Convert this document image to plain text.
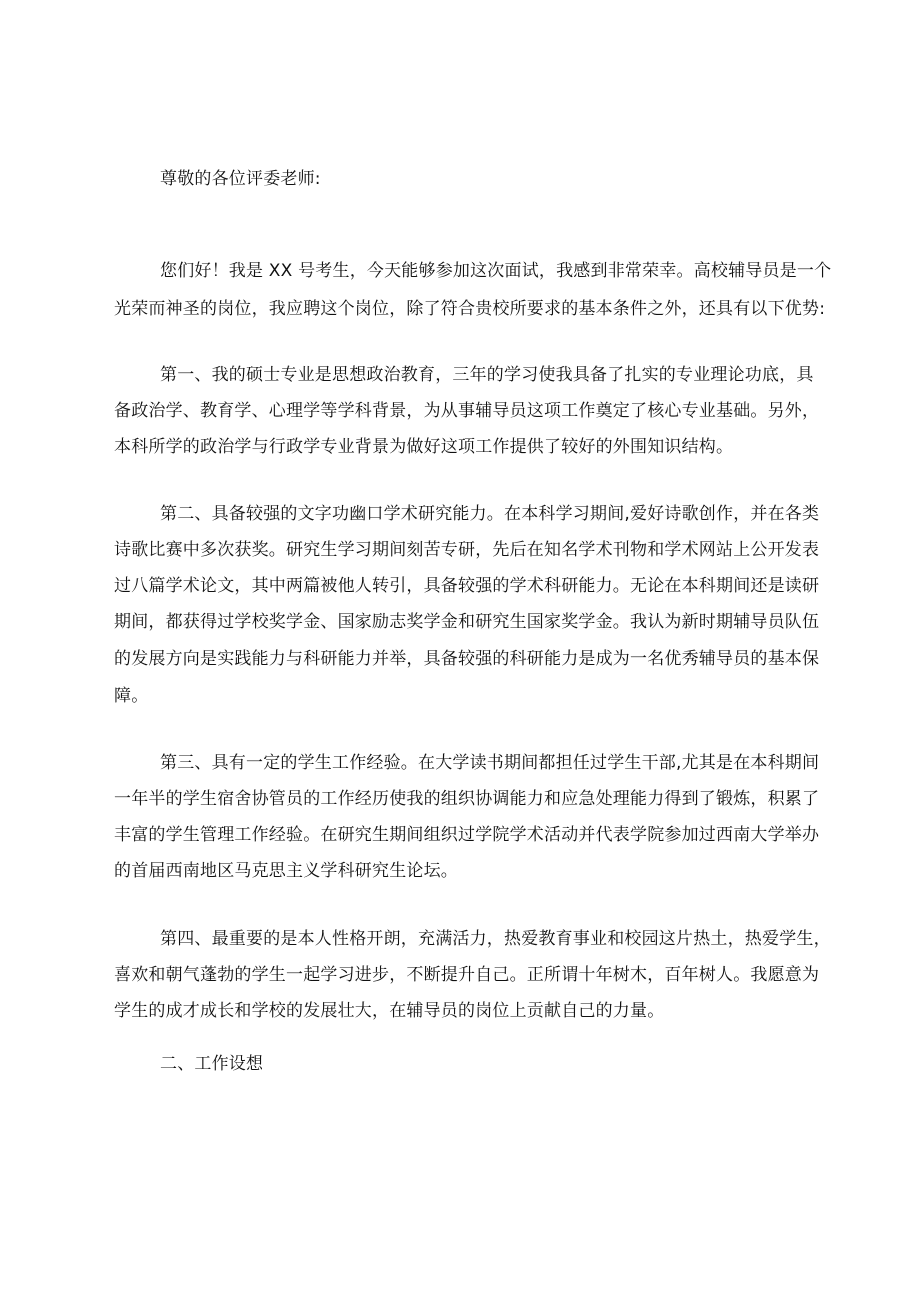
尊敬的各位评委老师:
您们好！我是 XX 号考生，今天能够参加这次面试，我感到非常荣幸。高校辅导员是一个
光荣而神圣的岗位，我应聘这个岗位，除了符合贵校所要求的基本条件之外，还具有以下优势:
第一、我的硕士专业是思想政治教育，三年的学习使我具备了扎实的专业理论功底，具
备政治学、教育学、心理学等学科背景，为从事辅导员这项工作奠定了核心专业基础。另外，
本科所学的政治学与行政学专业背景为做好这项工作提供了较好的外围知识结构。
第二、具备较强的文字功幽口学术研究能力。在本科学习期间,爱好诗歌创作，并在各类
诗歌比赛中多次获奖。研究生学习期间刻苦专研，先后在知名学术刊物和学术网站上公开发表
过八篇学术论文，其中两篇被他人转引，具备较强的学术科研能力。无论在本科期间还是读研
期间，都获得过学校奖学金、国家励志奖学金和研究生国家奖学金。我认为新时期辅导员队伍
的发展方向是实践能力与科研能力并举，具备较强的科研能力是成为一名优秀辅导员的基本保
障。
第三、具有一定的学生工作经验。在大学读书期间都担任过学生干部,尤其是在本科期间
一年半的学生宿舍协管员的工作经历使我的组织协调能力和应急处理能力得到了锻炼，积累了
丰富的学生管理工作经验。在研究生期间组织过学院学术活动并代表学院参加过西南大学举办
的首届西南地区马克思主义学科研究生论坛。
第四、最重要的是本人性格开朗，充满活力，热爱教育事业和校园这片热土，热爱学生，
喜欢和朝气蓬勃的学生一起学习进步，不断提升自己。正所谓十年树木，百年树人。我愿意为
学生的成才成长和学校的发展壮大，在辅导员的岗位上贡献自己的力量。
二、工作设想
